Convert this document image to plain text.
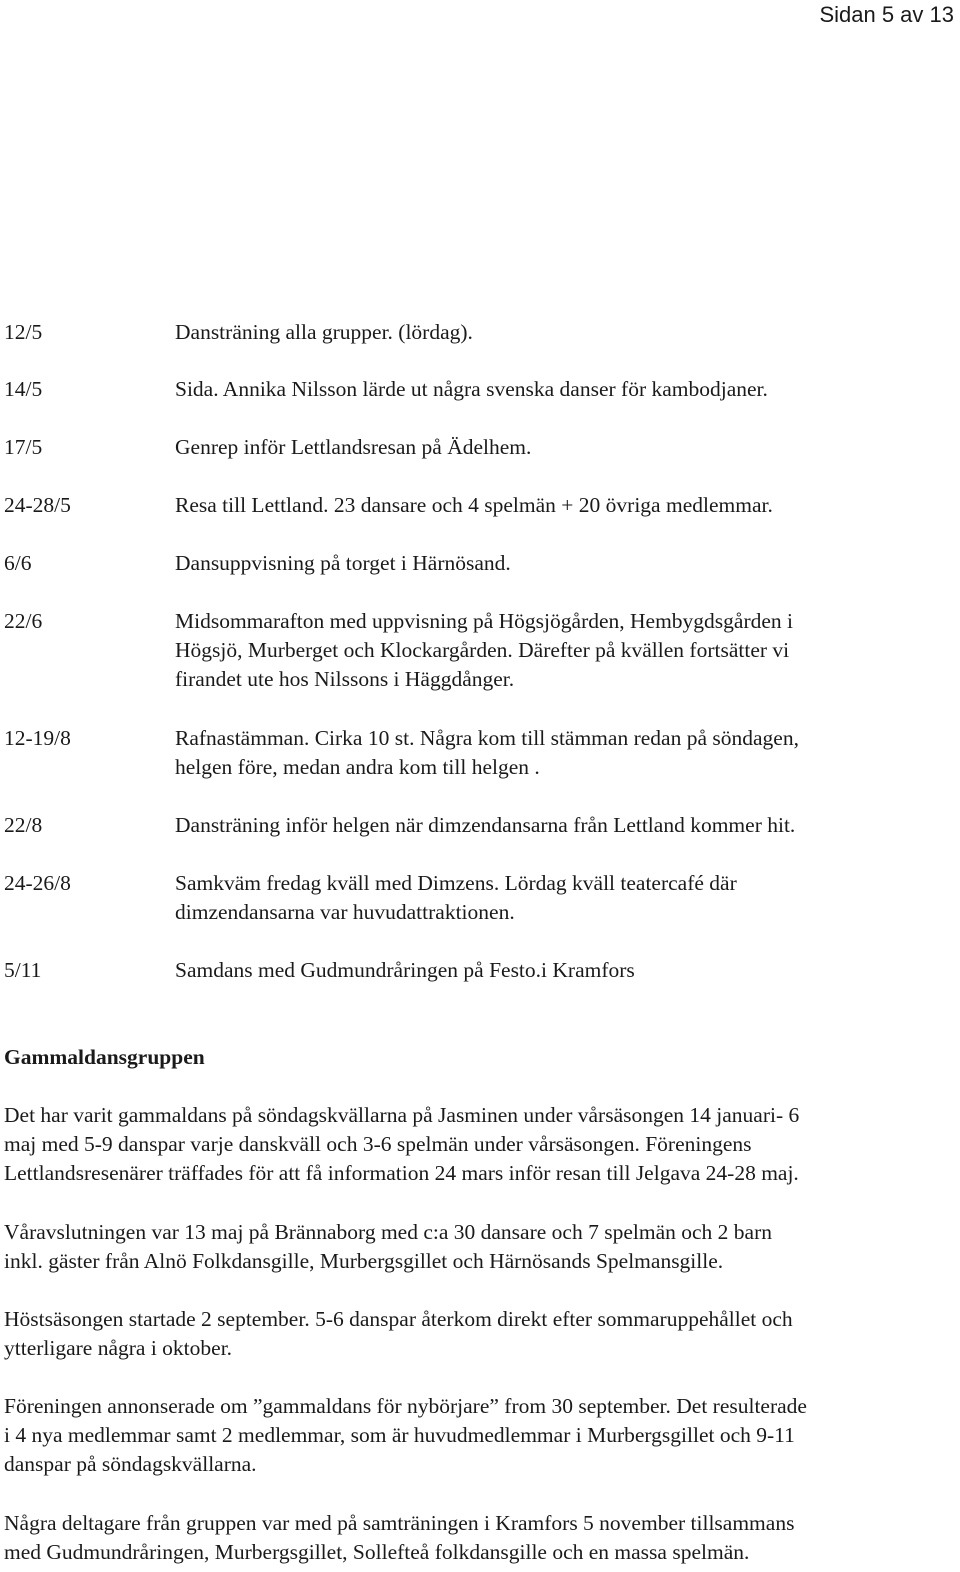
Sidan 5 av 13
12/5	Dansträning alla grupper. (lördag).
14/5	Sida. Annika Nilsson lärde ut några svenska danser för kambodjaner.
17/5	Genrep inför Lettlandsresan på Ädelhem.
24-28/5	Resa till Lettland. 23 dansare och 4 spelmän + 20 övriga medlemmar.
6/6	Dansuppvisning på torget i Härnösand.
22/6	Midsommarafton med uppvisning på Högsjögården, Hembygdsgården i
Högsjö, Murberget och Klockargården. Därefter på kvällen fortsätter vi
firandet ute hos Nilssons i Häggdånger.
12-19/8	Rafnastämman. Cirka 10 st. Några kom till stämman redan på söndagen,
helgen före, medan andra kom till helgen .
22/8	Dansträning inför helgen när dimzendansarna från Lettland kommer hit.
24-26/8	Samkväm fredag kväll med Dimzens. Lördag kväll teatercafé där
dimzendansarna var huvudattraktionen.
5/11	Samdans med Gudmundråringen på Festo.i Kramfors
Gammaldansgruppen
Det har varit gammaldans på söndagskvällarna på Jasminen under vårsäsongen 14 januari- 6
maj med 5-9 danspar varje danskväll och 3-6 spelmän under vårsäsongen. Föreningens
Lettlandsresenärer träffades för att få information 24 mars inför resan till Jelgava 24-28 maj.
Våravslutningen var 13 maj på Brännaborg med c:a 30 dansare och 7 spelmän och 2 barn
inkl. gäster från Alnö Folkdansgille, Murbergsgillet och Härnösands Spelmansgille.
Höstsäsongen startade 2 september. 5-6 danspar återkom direkt efter sommaruppehållet och
ytterligare några i oktober.
Föreningen annonserade om ”gammaldans för nybörjare” from 30 september. Det resulterade
i 4 nya medlemmar samt 2 medlemmar, som är huvudmedlemmar i Murbergsgillet och 9-11
danspar på söndagskvällarna.
Några deltagare från gruppen var med på samträningen i Kramfors 5 november tillsammans
med Gudmundråringen, Murbergsgillet, Sollefteå folkdansgille och en massa spelmän.
